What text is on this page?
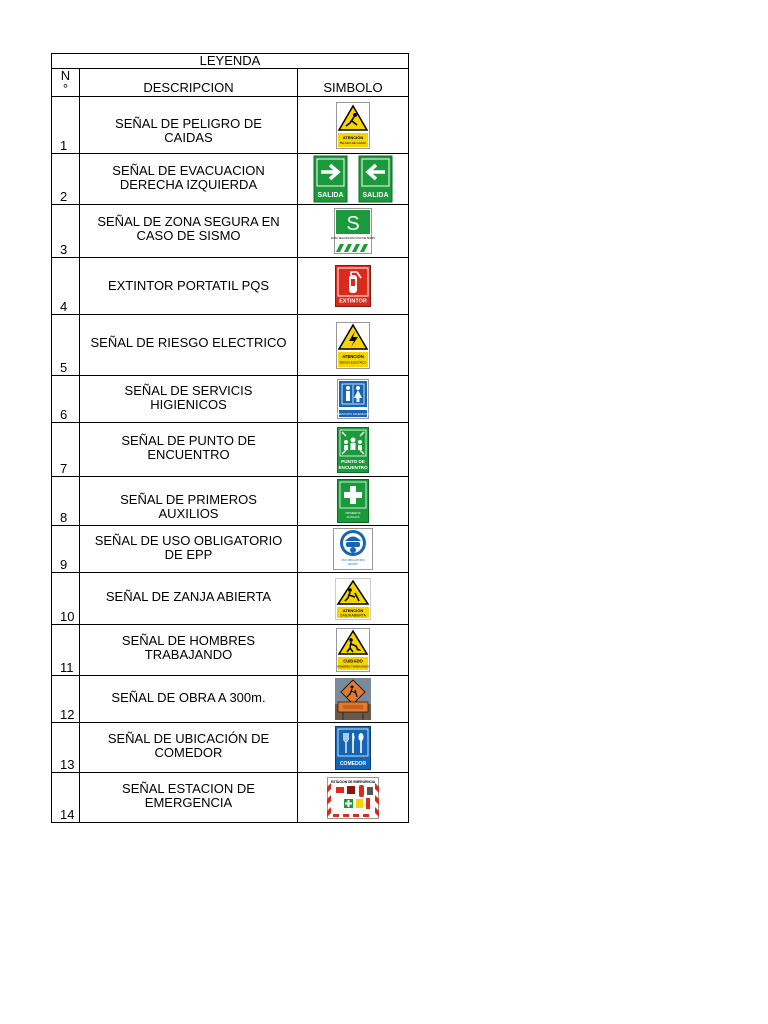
LEYENDA		
N
°	DESCRIPCION	SIMBOLO
1	SEÑAL DE PELIGRO DE CAIDAS	ATENCIÓN
PELIGRO DE CAIDAS

2	SEÑAL DE EVACUACION DERECHA IZQUIERDA	SALIDA SALIDA

3	SEÑAL DE ZONA SEGURA EN CASO DE SISMO	S
ZONA SEGURA EN CASO DE SISMO

4	EXTINTOR PORTATIL PQS	EXTINTOR

5	SEÑAL DE RIESGO ELECTRICO	ATENCIÓN
RIESGO ELECTRICO

6	SEÑAL DE SERVICIS HIGIENICOS	SERVICIOS HIGIENICOS

7	SEÑAL DE PUNTO DE ENCUENTRO	PUNTO DE
ENCUENTRO

8	SEÑAL DE PRIMEROS AUXILIOS	PRIMEROS
AUXILIOS

9	SEÑAL DE USO OBLIGATORIO DE EPP	USO OBLIGATORIO
DE EPP

10	SEÑAL DE ZANJA ABIERTA	ATENCIÓN
ZANJA ABIERTA

11	SEÑAL DE HOMBRES TRABAJANDO	CUIDADO
HOMBRES TRABAJANDO

12	SEÑAL DE OBRA A 300m.

13	SEÑAL DE UBICACIÓN DE COMEDOR	COMEDOR

14	SEÑAL ESTACION DE EMERGENCIA	ESTACION DE EMERGENCIA
